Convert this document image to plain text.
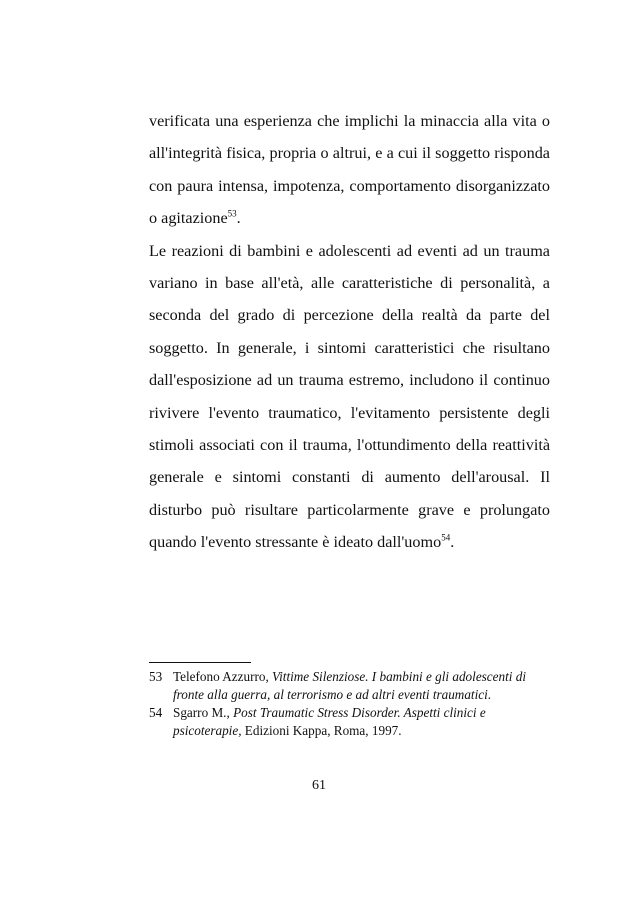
verificata una esperienza che implichi la minaccia alla vita o all'integrità fisica, propria o altrui, e a cui il soggetto risponda con paura intensa, impotenza, comportamento disorganizzato o agitazione$^{53}$.

Le reazioni di bambini e adolescenti ad eventi ad un trauma variano in base all'età, alle caratteristiche di personalità, a seconda del grado di percezione della realtà da parte del soggetto. In generale, i sintomi caratteristici che risultano dall'esposizione ad un trauma estremo, includono il continuo rivivere l'evento traumatico, l'evitamento persistente degli stimoli associati con il trauma, l'ottundimento della reattività generale e sintomi constanti di aumento dell'arousal. Il disturbo può risultare particolarmente grave e prolungato quando l'evento stressante è ideato dall'uomo$^{54}$.

53 Telefono Azzurro, Vittime Silenziose. I bambini e gli adolescenti di fronte alla guerra, al terrorismo e ad altri eventi traumatici.
54 Sgarro M., Post Traumatic Stress Disorder. Aspetti clinici e psicoterapie, Edizioni Kappa, Roma, 1997.
61
